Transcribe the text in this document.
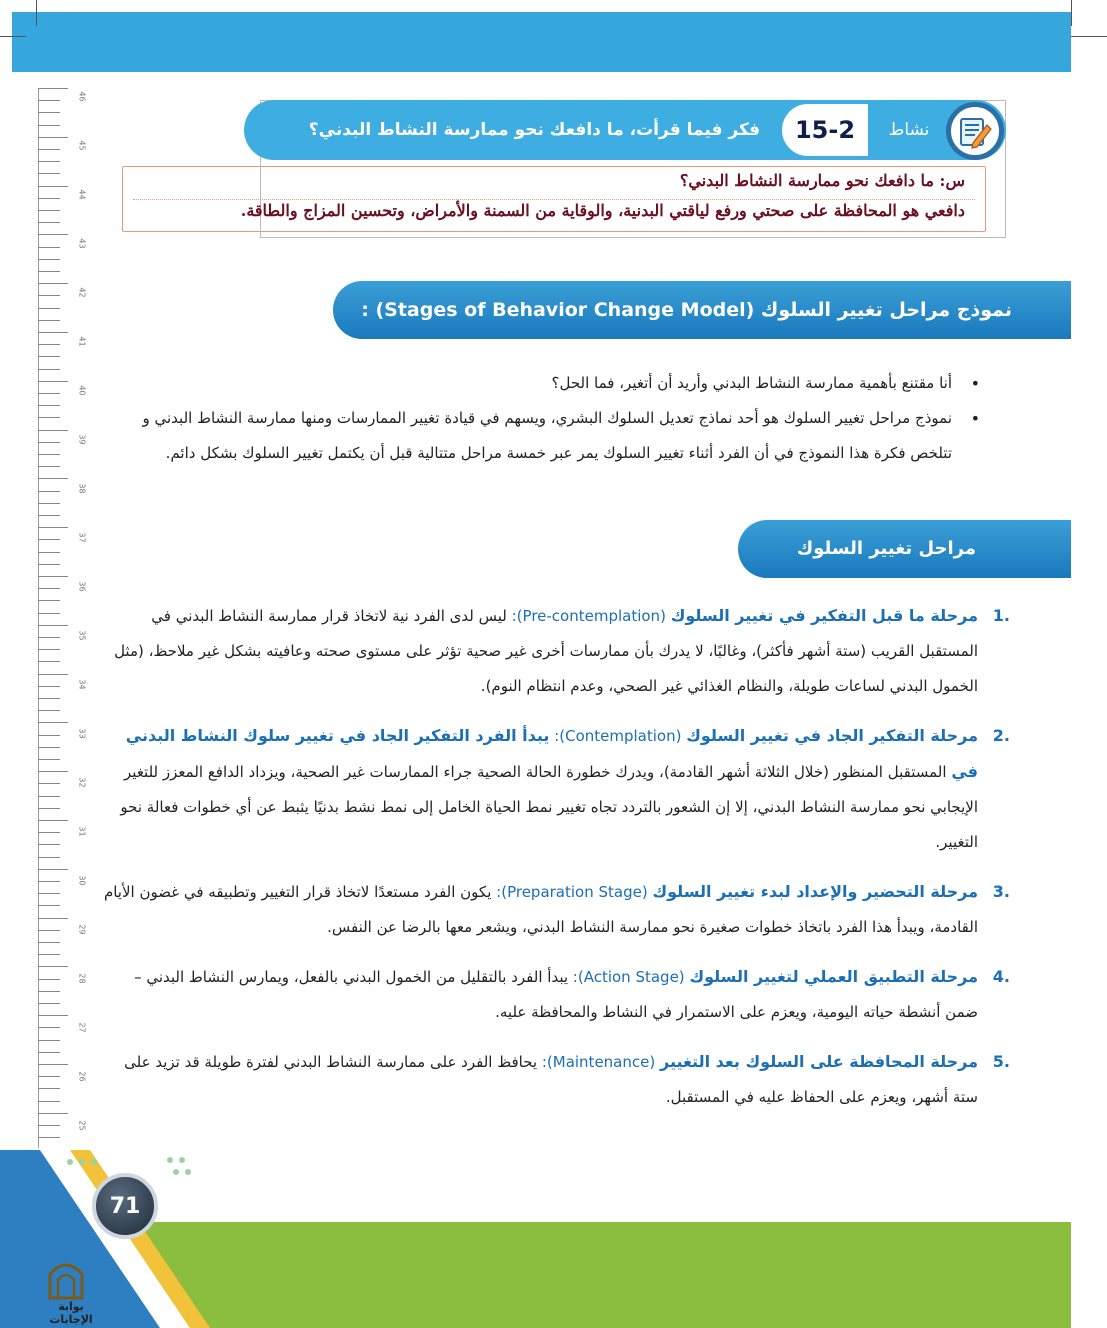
46
45
44
43
42
41
40
39
38
37
36
35
34
33
32
31
30
29
28
27
26
25
فكر فيما قرأت، ما دافعك نحو ممارسة النشاط البدني؟ 15-2	نشاط
س: ما دافعك نحو ممارسة النشاط البدني؟
دافعي هو المحافظة على صحتي ورفع لياقتي البدنية، والوقاية من السمنة والأمراض، وتحسين المزاج والطاقة.
نموذج مراحل تغيير السلوك (Stages of Behavior Change Model) :
• أنا مقتنع بأهمية ممارسة النشاط البدني وأريد أن أتغير، فما الحل؟
• نموذج مراحل تغيير السلوك هو أحد نماذج تعديل السلوك البشري، ويسهم في قيادة تغيير الممارسات ومنها ممارسة النشاط البدني و تتلخص فكرة هذا النموذج في أن الفرد أثناء تغيير السلوك يمر عبر خمسة مراحل متتالية قبل أن يكتمل تغيير السلوك بشكل دائم.
مراحل تغيير السلوك
.1
مرحلة ما قبل التفكير في تغيير السلوك (Pre-contemplation): ليس لدى الفرد نية لاتخاذ قرار ممارسة النشاط البدني في المستقبل القريب (ستة أشهر فأكثر)، وغالبًا، لا يدرك بأن ممارسات أخرى غير صحية تؤثر على مستوى صحته وعافيته بشكل غير ملاحظ، (مثل الخمول البدني لساعات طويلة، والنظام الغذائي غير الصحي، وعدم انتظام النوم).
.2
مرحلة التفكير الجاد في تغيير السلوك (Contemplation): يبدأ الفرد التفكير الجاد في تغيير سلوك النشاط البدني في المستقبل المنظور (خلال الثلاثة أشهر القادمة)، ويدرك خطورة الحالة الصحية جراء الممارسات غير الصحية، ويزداد الدافع المعزز للتغير الإيجابي نحو ممارسة النشاط البدني، إلا إن الشعور بالتردد تجاه تغيير نمط الحياة الخامل إلى نمط نشط بدنيًا يثبط عن أي خطوات فعالة نحو التغيير.
.3
مرحلة التحضير والإعداد لبدء تغيير السلوك (Preparation Stage): يكون الفرد مستعدًا لاتخاذ قرار التغيير وتطبيقه في غضون الأيام القادمة، ويبدأ هذا الفرد باتخاذ خطوات صغيرة نحو ممارسة النشاط البدني، ويشعر معها بالرضا عن النفس.
.4
مرحلة التطبيق العملي لتغيير السلوك (Action Stage): يبدأ الفرد بالتقليل من الخمول البدني بالفعل، ويمارس النشاط البدني – ضمن أنشطة حياته اليومية، ويعزم على الاستمرار في النشاط والمحافظة عليه.
.5
مرحلة المحافظة على السلوك بعد التغيير (Maintenance): يحافظ الفرد على ممارسة النشاط البدني لفترة طويلة قد تزيد على ستة أشهر، ويعزم على الحفاظ عليه في المستقبل.
71
بوابة الإجابات
